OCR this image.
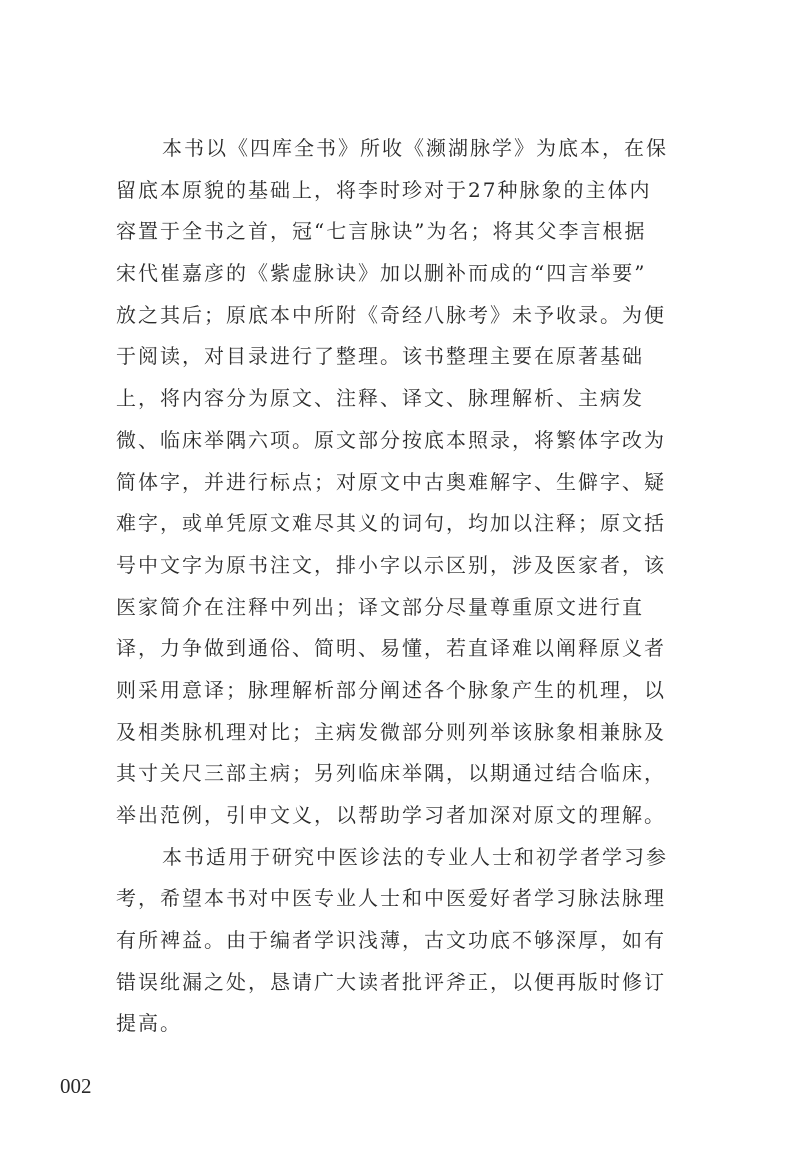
本书以《四库全书》所收《濒湖脉学》为底本，在保
留底本原貌的基础上，将李时珍对于27种脉象的主体内
容置于全书之首，冠“七言脉诀”为名；将其父李言根据
宋代崔嘉彦的《紫虚脉诀》加以删补而成的“四言举要”
放之其后；原底本中所附《奇经八脉考》未予收录。为便
于阅读，对目录进行了整理。该书整理主要在原著基础
上，将内容分为原文、注释、译文、脉理解析、主病发
微、临床举隅六项。原文部分按底本照录，将繁体字改为
简体字，并进行标点；对原文中古奥难解字、生僻字、疑
难字，或单凭原文难尽其义的词句，均加以注释；原文括
号中文字为原书注文，排小字以示区别，涉及医家者，该
医家简介在注释中列出；译文部分尽量尊重原文进行直
译，力争做到通俗、简明、易懂，若直译难以阐释原义者
则采用意译；脉理解析部分阐述各个脉象产生的机理，以
及相类脉机理对比；主病发微部分则列举该脉象相兼脉及
其寸关尺三部主病；另列临床举隅，以期通过结合临床，
举出范例，引申文义，以帮助学习者加深对原文的理解。
本书适用于研究中医诊法的专业人士和初学者学习参
考，希望本书对中医专业人士和中医爱好者学习脉法脉理
有所裨益。由于编者学识浅薄，古文功底不够深厚，如有
错误纰漏之处，恳请广大读者批评斧正，以便再版时修订
提高。
002
